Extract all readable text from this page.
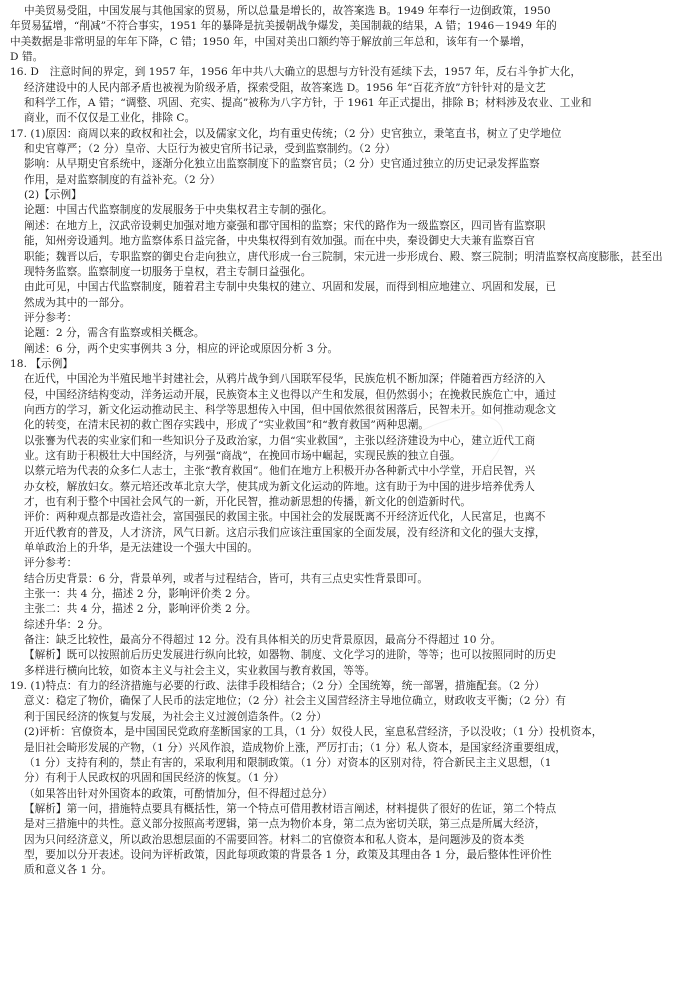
中美贸易受阻，中国发展与其他国家的贸易，所以总量是增长的，故答案选 B。1949 年奉行一边倒政策，1950
年贸易猛增，“削减”不符合事实，1951 年的暴降是抗美援朝战争爆发，美国制裁的结果，A 错；1946－1949 年的
中美数据是非常明显的年年下降，C 错；1950 年，中国对美出口额约等于解放前三年总和，该年有一个暴增，
D 错。
16. D　注意时间的界定，到 1957 年，1956 年中共八大确立的思想与方针没有延续下去，1957 年，反右斗争扩大化，
经济建设中的人民内部矛盾也被视为阶级矛盾，探索受阻，故答案选 D。1956 年“百花齐放”方针针对的是文艺
和科学工作，A 错；“调整、巩固、充实、提高”被称为八字方针，于 1961 年正式提出，排除 B；材料涉及农业、工业和
商业，而不仅仅是工业化，排除 C。
17. (1)原因：商周以来的政权和社会，以及儒家文化，均有重史传统；（2 分）史官独立，秉笔直书，树立了史学地位
和史官尊严；（2 分）皇帝、大臣行为被史官所书记录，受到监察制约。（2 分）
影响：从早期史官系统中，逐渐分化独立出监察制度下的监察官员；（2 分）史官通过独立的历史记录发挥监察
作用，是对监察制度的有益补充。（2 分）
(2)【示例】
论题：中国古代监察制度的发展服务于中央集权君主专制的强化。
阐述：在地方上，汉武帝设刺史加强对地方豪强和郡守国相的监察；宋代的路作为一级监察区，四司皆有监察职
能，知州旁设通判。地方监察体系日益完备，中央集权得到有效加强。而在中央，秦设御史大夫兼有监察百官
职能；魏晋以后，专职监察的御史台走向独立，唐代形成一台三院制，宋元进一步形成台、殿、察三院制；明清监察权高度膨胀，甚至出
现特务监察。监察制度一切服务于皇权，君主专制日益强化。
由此可见，中国古代监察制度，随着君主专制中央集权的建立、巩固和发展，而得到相应地建立、巩固和发展，已
然成为其中的一部分。
评分参考：
论题：2 分，需含有监察或相关概念。
阐述：6 分，两个史实事例共 3 分，相应的评论或原因分析 3 分。
18. 【示例】
在近代，中国沦为半殖民地半封建社会，从鸦片战争到八国联军侵华，民族危机不断加深；伴随着西方经济的入
侵，中国经济结构变动，洋务运动开展，民族资本主义也得以产生和发展，但仍然弱小；在挽救民族危亡中，通过
向西方的学习，新文化运动推动民主、科学等思想传入中国，但中国依然很贫困落后，民智未开。如何推动观念文
化的转变，在清末民初的救亡图存实践中，形成了“实业救国”和“教育救国”两种思潮。
以张謇为代表的实业家们和一些知识分子及政治家，力倡“实业救国”，主张以经济建设为中心，建立近代工商
业。这有助于积极壮大中国经济，与列强“商战”，在挽回市场中崛起，实现民族的独立自强。
以蔡元培为代表的众多仁人志士，主张“教育救国”。他们在地方上积极开办各种新式中小学堂，开启民智，兴
办女校，解放妇女。蔡元培还改革北京大学，使其成为新文化运动的阵地。这有助于为中国的进步培养优秀人
才，也有利于整个中国社会风气的一新，开化民智，推动新思想的传播，新文化的创造新时代。
评价：两种观点都是改造社会，富国强民的救国主张。中国社会的发展既离不开经济近代化，人民富足，也离不
开近代教育的普及，人才济济，风气日新。这启示我们应该注重国家的全面发展，没有经济和文化的强大支撑，
单单政治上的升华，是无法建设一个强大中国的。
评分参考：
结合历史背景：6 分，背景单列，或者与过程结合，皆可，共有三点史实性背景即可。
主张一：共 4 分，描述 2 分，影响评价类 2 分。
主张二：共 4 分，描述 2 分，影响评价类 2 分。
综述升华：2 分。
备注：缺乏比较性，最高分不得超过 12 分。没有具体相关的历史背景原因，最高分不得超过 10 分。
【解析】既可以按照前后历史发展进行纵向比较，如器物、制度、文化学习的进阶，等等；也可以按照同时的历史
多样进行横向比较，如资本主义与社会主义，实业救国与教育救国，等等。
19. (1)特点：有力的经济措施与必要的行政、法律手段相结合；（2 分）全国统筹，统一部署，措施配套。（2 分）
意义：稳定了物价，确保了人民币的法定地位；（2 分）社会主义国营经济主导地位确立，财政收支平衡；（2 分）有
利于国民经济的恢复与发展，为社会主义过渡创造条件。（2 分）
(2)评析：官僚资本，是中国国民党政府垄断国家的工具，（1 分）奴役人民，室息私营经济，予以没收；（1 分）投机资本，
是旧社会畸形发展的产物，（1 分）兴风作浪，造成物价上涨，严厉打击；（1 分）私人资本，是国家经济重要组成，
（1 分）支持有利的，禁止有害的，采取利用和限制政策。（1 分）对资本的区别对待，符合新民主主义思想，（1
分）有利于人民政权的巩固和国民经济的恢复。（1 分）
（如果答出针对外国资本的政策，可酌情加分，但不得超过总分）
【解析】第一问，措施特点要具有概括性，第一个特点可借用教材语言阐述，材料提供了很好的佐证，第二个特点
是对三措施中的共性。意义部分按照高考逻辑，第一点为物价本身，第二点为密切关联，第三点是所属大经济，
因为只问经济意义，所以政治思想层面的不需要回答。材料二的官僚资本和私人资本，是问题涉及的资本类
型，要加以分开表述。设问为评析政策，因此每项政策的背景各 1 分，政策及其理由各 1 分，最后整体性评价性
质和意义各 1 分。
